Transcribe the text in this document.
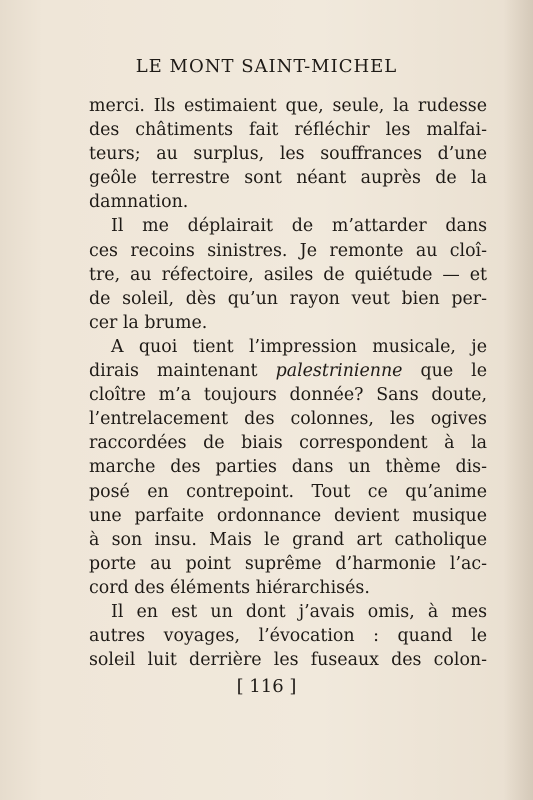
LE MONT SAINT-MICHEL
merci. Ils estimaient que, seule, la rudesse
des châtiments fait réfléchir les malfai-
teurs; au surplus, les souffrances d’une
geôle terrestre sont néant auprès de la
damnation.
Il me déplairait de m’attarder dans
ces recoins sinistres. Je remonte au cloî-
tre, au réfectoire, asiles de quiétude — et
de soleil, dès qu’un rayon veut bien per-
cer la brume.
A quoi tient l’impression musicale, je
dirais maintenant palestrinienne que le
cloître m’a toujours donnée? Sans doute,
l’entrelacement des colonnes, les ogives
raccordées de biais correspondent à la
marche des parties dans un thème dis-
posé en contrepoint. Tout ce qu’anime
une parfaite ordonnance devient musique
à son insu. Mais le grand art catholique
porte au point suprême d’harmonie l’ac-
cord des éléments hiérarchisés.
Il en est un dont j’avais omis, à mes
autres voyages, l’évocation : quand le
soleil luit derrière les fuseaux des colon-
[ 116 ]
